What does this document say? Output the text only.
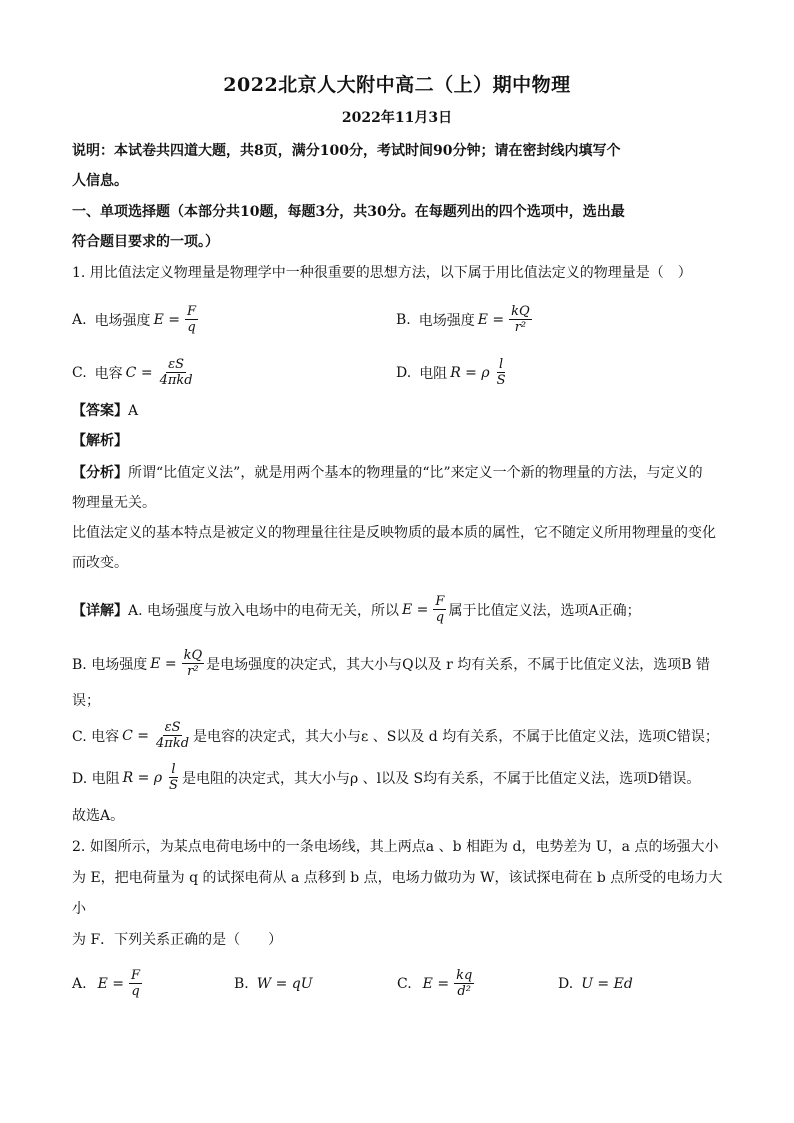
2022北京人大附中高二（上）期中物理
2022年11月3日
说明：本试卷共四道大题，共8页，满分100分，考试时间90分钟；请在密封线内填写个
人信息。
一、单项选择题（本部分共10题，每题3分，共30分。在每题列出的四个选项中，选出最
符合题目要求的一项。）
1. 用比值法定义物理量是物理学中一种很重要的思想方法，以下属于用比值法定义的物理量是（　）
A. 电场强度 $E = \frac{F}{q}$	B. 电场强度 $E = \frac{kQ}{\text{r²}}$
C. 电容 $C = \frac{\varepsilon S}{\text{4πkd}}$	D. 电阻 R = ρ $\frac{l}{S}$
【答案】A
【解析】
【分析】所谓“比值定义法”，就是用两个基本的物理量的“比”来定义一个新的物理量的方法，与定义的
物理量无关。
比值法定义的基本特点是被定义的物理量往往是反映物质的最本质的属性，它不随定义所用物理量的变化
而改变。
【详解】 A. 电场强度与放入电场中的电荷无关，所以 $E = \frac{F}{q}$ 属于比值定义法，选项A正确；
B. 电场强度 $E = \frac{kQ}{\text{r²}}$ 是电场强度的决定式，其大小与Q以及 r 均有关系，不属于比值定义法，选项B 错
误；
C. 电容 $C = \frac{\varepsilon S}{\text{4πkd}}$ 是电容的决定式，其大小与ε 、S以及 d 均有关系，不属于比值定义法，选项C错误；
D. 电阻 R = ρ $\frac{l}{S}$ 是电阻的决定式，其大小与ρ 、l以及 S均有关系，不属于比值定义法，选项D错误。
故选A。
2. 如图所示，为某点电荷电场中的一条电场线，其上两点a 、b 相距为 d，电势差为 U，a 点的场强大小
为 E，把电荷量为 q 的试探电荷从 a 点移到 b 点，电场力做功为 W，该试探电荷在 b 点所受的电场力大小
为 F．下列关系正确的是（　　）
A. $E = \frac{F}{q}$	B. W = qU	C. $E = \frac{kq}{\text{d²}}$	D. U = Ed
